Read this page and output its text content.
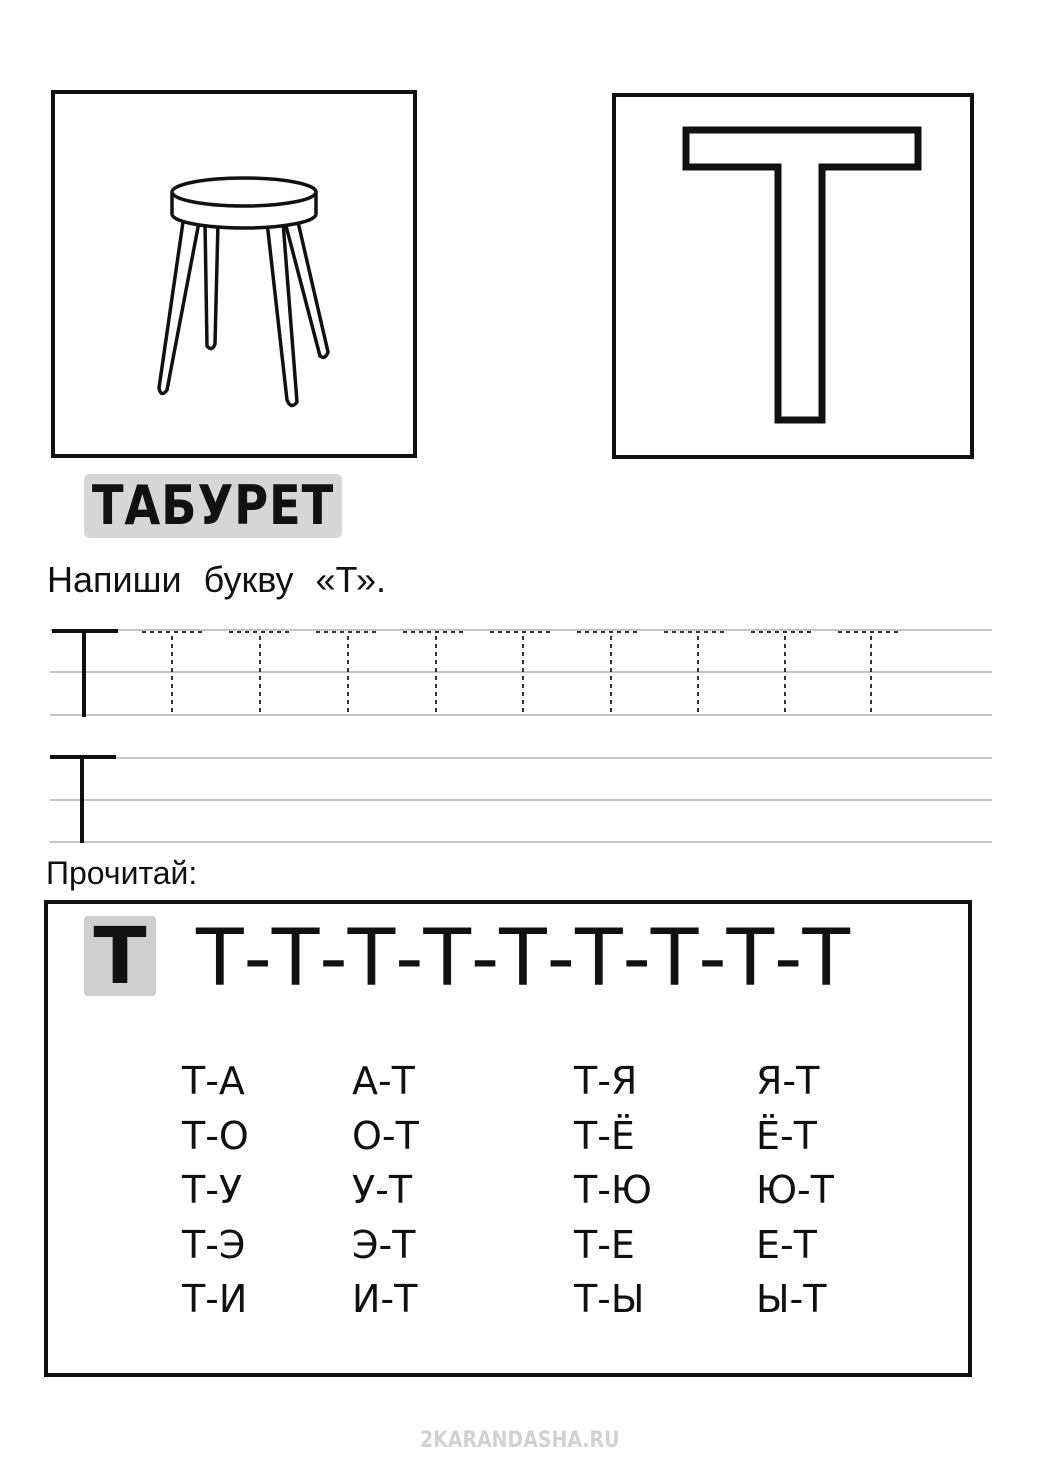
ТАБУРЕТ
Напиши букву «Т».
Прочитай:
Т Т-Т-Т-Т-Т-Т-Т-Т-Т
Т-А
Т-О
Т-У
Т-Э
Т-И
А-Т
О-Т
У-Т
Э-Т
И-Т
Т-Я
Т-Ё
Т-Ю
Т-Е
Т-Ы
Я-Т
Ё-Т
Ю-Т
Е-Т
Ы-Т
2KARANDASHA.RU
